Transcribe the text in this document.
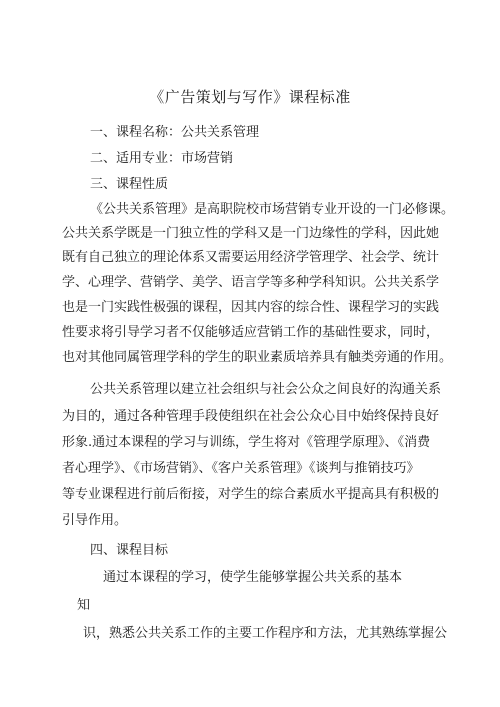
《广告策划与写作》课程标准
一、课程名称：公共关系管理
二、适用专业：市场营销
三、课程性质
《公共关系管理》是高职院校市场营销专业开设的一门必修课。
公共关系学既是一门独立性的学科又是一门边缘性的学科，因此她
既有自己独立的理论体系又需要运用经济学管理学、社会学、统计
学、心理学、营销学、美学、语言学等多种学科知识。公共关系学
也是一门实践性极强的课程，因其内容的综合性、课程学习的实践
性要求将引导学习者不仅能够适应营销工作的基础性要求，同时，
也对其他同属管理学科的学生的职业素质培养具有触类旁通的作用。
公共关系管理以建立社会组织与社会公众之间良好的沟通关系
为目的，通过各种管理手段使组织在社会公众心目中始终保持良好
形象.通过本课程的学习与训练，学生将对《管理学原理》、《消费
者心理学》、《市场营销》、《客户关系管理》《谈判与推销技巧》
等专业课程进行前后衔接，对学生的综合素质水平提高具有积极的
引导作用。
四、课程目标
通过本课程的学习，使学生能够掌握公共关系的基本
知
识，熟悉公共关系工作的主要工作程序和方法，尤其熟练掌握公
